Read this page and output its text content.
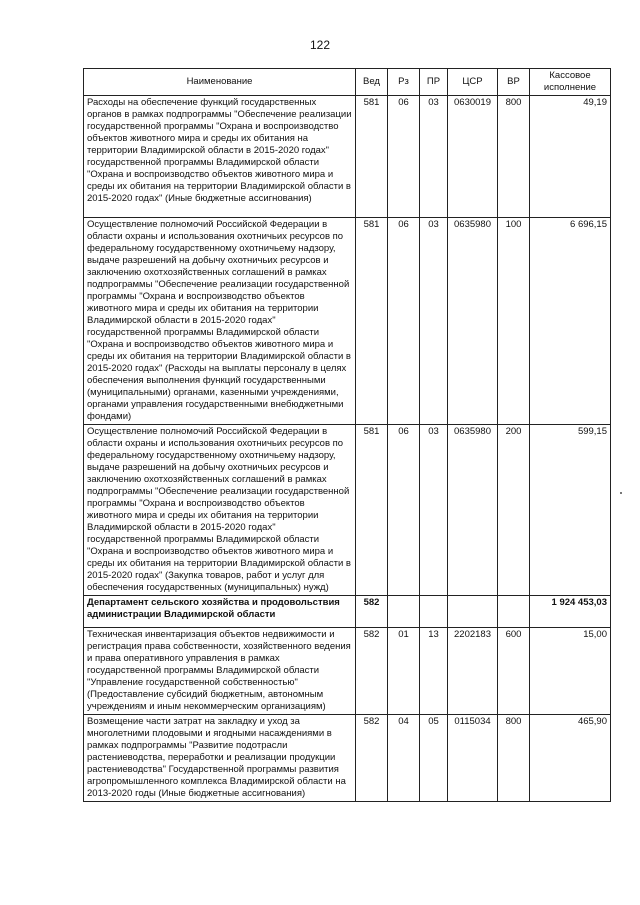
122
Наименование	Вед	Рз	ПР	ЦСР	ВР	Кассовое исполнение
Расходы на обеспечение функций государственных органов в рамках подпрограммы "Обеспечение реализации государственной программы "Охрана и воспроизводство объектов животного мира и среды их обитания на территории Владимирской области в 2015-2020 годах" государственной программы Владимирской области "Охрана и воспроизводство объектов животного мира и среды их обитания на территории Владимирской области в 2015-2020 годах" (Иные бюджетные ассигнования)	581	06	03	0630019	800	49,19
Осуществление полномочий Российской Федерации в области охраны и использования охотничьих ресурсов по федеральному государственному охотничьему надзору, выдаче разрешений на добычу охотничьих ресурсов и заключению охотхозяйственных соглашений в рамках подпрограммы "Обеспечение реализации государственной программы "Охрана и воспроизводство объектов животного мира и среды их обитания на территории Владимирской области в 2015-2020 годах" государственной программы Владимирской области "Охрана и воспроизводство объектов животного мира и среды их обитания на территории Владимирской области в 2015-2020 годах" (Расходы на выплаты персоналу в целях обеспечения выполнения функций государственными (муниципальными) органами, казенными учреждениями, органами управления государственными внебюджетными фондами)	581	06	03	0635980	100	6 696,15
Осуществление полномочий Российской Федерации в области охраны и использования охотничьих ресурсов по федеральному государственному охотничьему надзору, выдаче разрешений на добычу охотничьих ресурсов и заключению охотхозяйственных соглашений в рамках подпрограммы "Обеспечение реализации государственной программы "Охрана и воспроизводство объектов животного мира и среды их обитания на территории Владимирской области в 2015-2020 годах" государственной программы Владимирской области "Охрана и воспроизводство объектов животного мира и среды их обитания на территории Владимирской области в 2015-2020 годах" (Закупка товаров, работ и услуг для обеспечения государственных (муниципальных) нужд)	581	06	03	0635980	200	599,15
Департамент сельского хозяйства и продовольствия администрации Владимирской области	582					1 924 453,03
Техническая инвентаризация объектов недвижимости и регистрация права собственности, хозяйственного ведения и права оперативного управления в рамках государственной программы Владимирской области "Управление государственной собственностью" (Предоставление субсидий бюджетным, автономным учреждениям и иным некоммерческим организациям)	582	01	13	2202183	600	15,00
Возмещение части затрат на закладку и уход за многолетними плодовыми и ягодными насаждениями в рамках подпрограммы "Развитие подотрасли растениеводства, переработки и реализации продукции растениеводства" Государственной программы развития агропромышленного комплекса Владимирской области на 2013-2020 годы (Иные бюджетные ассигнования)	582	04	05	0115034	800	465,90
